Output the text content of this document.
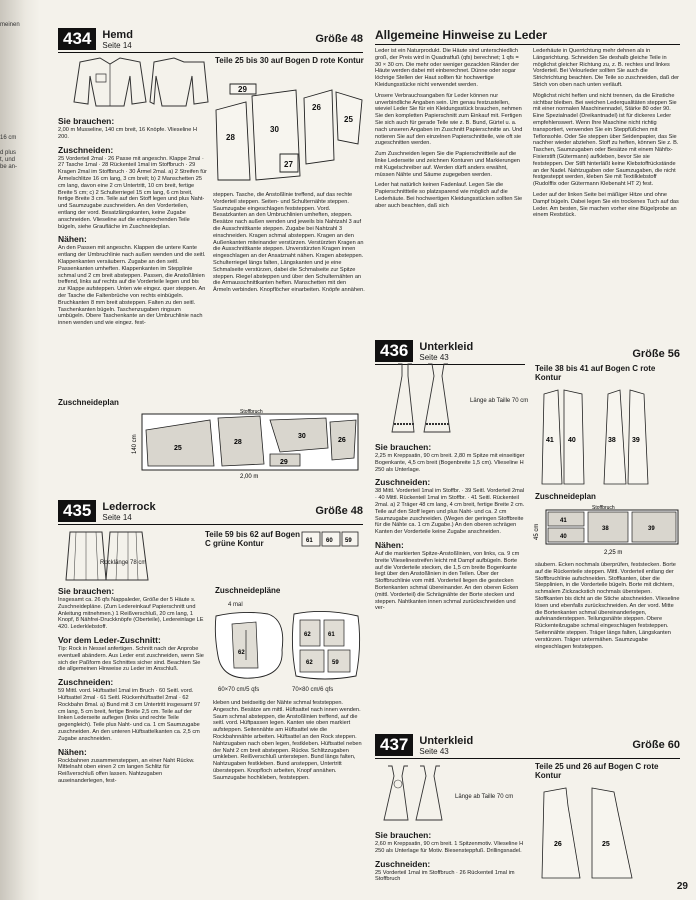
meinen
16 cm
d plus
t, und
be an-
434	Hemd
Seite 14	Größe 48
Teile 25 bis 30 auf Bogen D rote Kontur
28
30
26
25
27
29
Sie brauchen:

2,00 m Musseline, 140 cm breit, 16 Knöpfe. Vlieseline H 200.

Zuschneiden:

25 Vorderteil 2mal · 26 Passe mit angeschn. Klappe 2mal · 27 Tasche 1mal · 28 Rückenteil 1mal im Stoffbruch · 29 Kragen 2mal im Stoffbruch · 30 Ärmel 2mal. a) 2 Streifen für Ärmelschlitze 16 cm lang, 3 cm breit; b) 2 Manschetten 25 cm lang, davon eine 2 cm Untertritt, 10 cm breit, fertige Breite 5 cm; c) 2 Schulterriegel 15 cm lang, 6 cm breit, fertige Breite 3 cm. Teile auf den Stoff legen und plus Naht- und Saumzugabe zuschneiden. An den Vorderteilen, entlang der vord. Besatzlängskanten, keine Zugabe anschneiden. Vlieseline auf die entsprechenden Teile bügeln, siehe Graufläche im Zuschneideplan.

Nähen:

An den Passen mit angeschn. Klappen die untere Kante entlang der Umbruchlinie nach außen wenden und die seitl. Klappenkanten versäubern. Zugabe an den seitl. Passenkanten umheften. Klappenkanten im Stepplinie schmal und 2 cm breit absteppen. Passen, die Anstoßlinien treffend, links auf rechts auf die Vorderteile legen und bis zur Klappe aufsteppen. Unten wie eingez. quer steppen. An der Tasche die Faltenbrüche von rechts einbügeln. Bruchkanten 8 mm breit absteppen. Falten zu den seitl. Taschenkanten bügeln. Taschenzugaben ringsum umbügeln. Obere Taschenkante an der Umbruchlinie nach innen wenden und wie eingez. fest-

steppen. Tasche, die Anstoßlinie treffend, auf das rechte Vorderteil steppen. Seiten- und Schulternähte steppen. Saumzugabe eingeschlagen feststeppen. Vord. Besatzkanten an den Umbruchlinien umheften, steppen. Besätze nach außen wenden und jeweils bis Nahtzahl 3 auf die Ausschnittkante steppen. Zugabe bei Nahtzahl 3 einschneiden. Kragen schmal absteppen. Kragen an den Außenkanten miteinander verstürzen. Verstürzten Kragen an die Ausschnittkante steppen. Unverstürzten Kragen innen eingeschlagen an der Ansatznaht nähen. Kragen absteppen. Schulterriegel längs falten, Längskanten und je eine Schmalseite verstürzen, dabei die Schmalseite zur Spitze steppen. Riegel absteppen und über den Schulternähten an die Armausschnittkanten heften. Manschetten mit den Ärmeln verbinden. Knopflöcher einarbeiten. Knöpfe annähen.

Zuschneideplan
25
28
30
26
29
140 cm
2,00 m
Stoffbruch
435	Lederrock
Seite 14	Größe 48
Rocklänge 78 cm
Teile 59 bis 62 auf Bogen C grüne Kontur	61 60 59
Zuschneidepläne
4 mal
62
62	61
62	59
60×70 cm/5 qfs	70×80 cm/6 qfs
Sie brauchen:

Insgesamt ca. 26 qfs Nappaleder, Größe der 5 Häute s. Zuschneidepläne. (Zum Ledereinkauf Papierschnitt und Anleitung mitnehmen.) 1 Reißverschluß, 20 cm lang, 1 Knopf, 8 Nähfrei-Druckknöpfe (Oberteile), Ledereinlage LE 420. Lederklebstoff.

Vor dem Leder-Zuschnitt:

Tip: Rock in Nessel anfertigen. Schnitt nach der Anprobe eventuell abändern. Aus Leder erst zuschneiden, wenn Sie sich der Paßform des Schnittes sicher sind. Beachten Sie die allgemeinen Hinweise zu Leder im Anschluß.

Zuschneiden:

59 Mittl. vord. Hüftsattel 1mal im Bruch · 60 Seitl. vord. Hüftsattel 2mal · 61 Seitl. Rückenhüftsattel 2mal · 62 Rockbahn 8mal. a) Bund mit 3 cm Untertritt insgesamt 97 cm lang, 5 cm breit, fertige Breite 2,5 cm. Teile auf der linken Lederseite auflegen (links und rechte Teile gegengleich). Teile plus Naht- und ca. 1 cm Saumzugabe zuschneiden. An den unteren Hüftsattelkanten ca. 2,5 cm Zugabe anschneiden.

Nähen:

Rockbahnen zusammensteppen, an einer Naht Rückw. Mittelnaht oben einen 2 cm langen Schlitz für Reißverschluß offen lassen. Nahtzugaben auseinanderlegen, fest-

kleben und beidseitig der Nähte schmal feststeppen. Angeschn. Besätze am mittl. Hüftsattel nach innen wenden. Saum schmal absteppen, die Anstoßlinien treffend, auf die seitl. vord. Hüftpassen legen. Kanten wie oben markiert aufsteppen. Seitennähte am Hüftsattel wie die Rockbahnnähte arbeiten. Hüftsattel an den Rock steppen. Nahtzugaben nach oben legen, festkleben. Hüftsattel neben der Naht 2 cm breit absteppen. Rückw. Schlitzzugaben umkleben. Reißverschluß unterstepen. Bund längs falten, Nahtzugaben festkleben. Bund ansteppen, Untertritt übersteppen. Knopfloch arbeiten, Knopf annähen. Saumzugabe hochkleben, feststeppen.

Allgemeine Hinweise zu Leder

Leder ist ein Naturprodukt. Die Häute sind unterschiedlich groß, der Preis wird in Quadratfuß (qfs) berechnet; 1 qfs = 30 × 30 cm. Die mehr oder weniger gezackten Ränder der Häute werden dabei mit einberechnet. Dünne oder sogar löchrige Stellen der Haut sollten für hochwertige Kleidungsstücke nicht verwendet werden.

Unsere Verbrauchsangaben für Leder können nur unverbindliche Angaben sein. Um genau festzustellen, wieviel Leder Sie für ein Kleidungsstück brauchen, nehmen Sie den kompletten Papierschnitt zum Einkauf mit. Fertigen Sie sich auch für gerade Teile wie z. B. Bund, Gürtel u. a. nach unseren Angaben im Zuschnitt Papierschnitte an. Und notieren Sie auf den einzelnen Papierschnitteile, wie oft sie zugeschnitten werden.

Zum Zuschneiden legen Sie die Papierschnittteile auf die linke Lederseite und zeichnen Konturen und Markierungen mit Kugelschreiber auf. Werden dürft anders erwähnt, müssen Nähte und Säume zugegeben werden.

Leder hat natürlich keinen Fadenlauf. Legen Sie die Papierschnittteile so platzsparend wie möglich auf die Lederhäute. Bei hochwertigen Kleidungsstücken sollten Sie aber auch beachten, daß sich

Lederhäute in Querrichtung mehr dehnen als in Längsrichtung. Schneiden Sie deshalb gleiche Teile in möglichst gleicher Richtung zu, z. B. rechtes und linkes Vorderteil. Bei Velourleder sollten Sie auch die Strichrichtung beachten. Die Teile so zuschneiden, daß der Strich von oben nach unten verläuft.

Möglichst nicht heften und nicht trennen, da die Einstiche sichtbar bleiben. Bei weichen Lederqualitäten steppen Sie mit einer normalen Maschinennadel, Stärke 80 oder 90. Eine Spezialnadel (Dreikantnadel) ist für dickeres Leder empfehlenswert. Wenn Ihre Maschine nicht richtig transportiert, verwenden Sie ein Steppfüßchen mit Teflonsohle. Oder Sie steppen über Seidenpapier, das Sie nachher wieder abziehen. Stoff zu heften, können Sie z. B. Taschen, Saumzugaben oder Besätze mit einem Nähfix-Fixierstift (Gütermann) aufkleben, bevor Sie sie feststeppen. Der Stift hinterläßt keine Klebstoffrückstände an der Nadel. Nahtzugaben oder Saumzugaben, die nicht festgesteppt werden, kleben Sie mit Textilklebstoff (Rudolffix oder Gütermann Klebenaht HT 2) fest.

Leder auf der linken Seite bei mäßiger Hitze und ohne Dampf bügeln. Dabei legen Sie ein trockenes Tuch auf das Leder. Am besten, Sie machen vorher eine Bügelprobe an einem Reststück.

436	Unterkleid
Seite 43	Größe 56
Länge ab Taille 70 cm
Teile 38 bis 41 auf Bogen C rote Kontur
41 40	38 39
Sie brauchen:

2,25 m Kreppsatin, 90 cm breit. 2,80 m Spitze mit einseitiger Bogenkante, 4,5 cm breit (Bogenbreite 1,5 cm). Vlieseline H 250 als Unterlage.

Zuschneiden:

38 Mittl. Vorderteil 1mal im Stoffbr. · 39 Seitl. Vorderteil 2mal · 40 Mittl. Rückenteil 1mal im Stoffbr. · 41 Seitl. Rückenteil 2mal. a) 2 Träger 48 cm lang, 4 cm breit, fertige Breite 2 cm. Teile auf den Stoff legen und plus Naht- und ca. 2 cm Saumzugabe zuschneiden. (Wegen der geringen Stoffbreite für die Nähte ca. 1 cm Zugabe.) An den oberen schrägen Kanten der Vorderteile keine Zugabe anschneiden.

Nähen:

Auf die markierten Spitze-Anstoßlinien, von links, ca. 9 cm breite Vlieselinestreifen leicht mit Dampf aufbügeln. Borte auf die Vorderteile stecken, die 1,5 cm breite Bogenkante liegt über den Anstoßlinien in den Teilen. Über der Stoffbruchlinie vom mittl. Vorderteil liegen die gestecken Bortenkanten schmal übereinander. An den oberen Ecken (mittl. Vorderteil) die Schrägnähte der Borte stecken und steppen. Nahtkanten innen schmal zurückschneiden und ver-

Zuschneideplan
41
40
38	39
45 cm
2,25 m
Stoffbruch

säubern. Ecken nochmals überprüfen, feststecken. Borte auf die Rückenteile steppen. Mittl. Vorderteil entlang der Stoffbruchlinie aufschneiden. Stoffkanten, über die Stepplinien, in die Vorderteile bügeln. Borte mit dichtem, schmalem Zickzackstich nochmals überstepen. Stoffkanten bis dicht an die Stiche abschneiden. Vlieseline lösen und ebenfalls zurückschneiden. An der vord. Mitte die Bortenkanten schmal übereinanderlegen, aufeinandersteppen. Teilungsnähte steppen. Obere Rückenteilzugabe schmal eingeschlagen feststeppen. Seitennähte steppen. Träger längs falten, Längskanten verstürzen. Träger untermähen. Saumzugabe eingeschlagen feststeppen.

437	Unterkleid
Seite 43	Größe 60
Länge ab Taille 70 cm
Teile 25 und 26 auf Bogen C rote Kontur
26	25
Sie brauchen:

2,60 m Kreppsatin, 90 cm breit. 1 Spitzenmotiv. Vlieseline H 250 als Unterlage für Motiv. Biesensteppfuß. Drillingsnadel.

Zuschneiden:

25 Vorderteil 1mal im Stoffbruch · 26 Rückenteil 1mal im Stoffbruch

29
